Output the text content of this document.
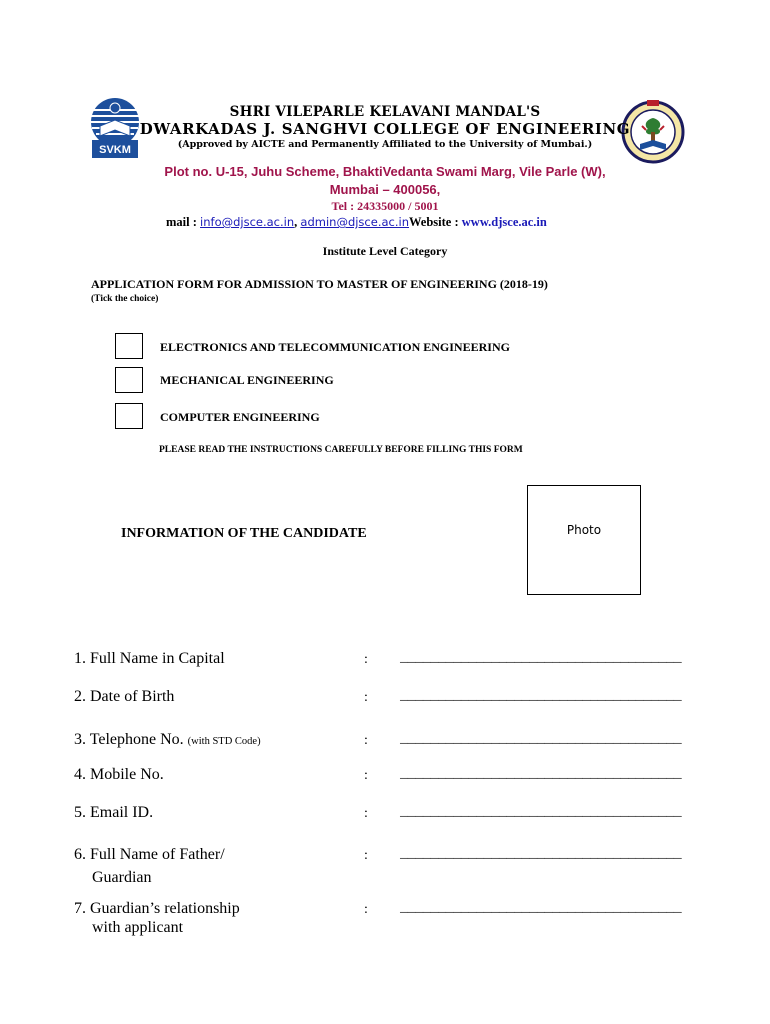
SVKM
SHRI VILEPARLE KELAVANI MANDAL'S
DWARKADAS J. SANGHVI COLLEGE OF ENGINEERING
(Approved by AICTE and Permanently Affiliated to the University of Mumbai.)
Plot no. U-15, Juhu Scheme, BhaktiVedanta Swami Marg, Vile Parle (W),
Mumbai – 400056,
Tel : 24335000 / 5001
mail : info@djsce.ac.in, admin@djsce.ac.inWebsite : www.djsce.ac.in
Institute Level Category
APPLICATION FORM FOR ADMISSION TO MASTER OF ENGINEERING (2018-19)
(Tick the choice)
ELECTRONICS AND TELECOMMUNICATION ENGINEERING
MECHANICAL ENGINEERING
COMPUTER ENGINEERING
PLEASE READ THE INSTRUCTIONS CAREFULLY BEFORE FILLING THIS FORM
Photo
INFORMATION OF THE CANDIDATE
1. Full Name in Capital	: _____________________________________
2. Date of Birth	: _____________________________________
3. Telephone No. (with STD Code)	: _____________________________________
4. Mobile No.	: _____________________________________
5. Email ID.	: _____________________________________
6. Full Name of Father/
Guardian
: _____________________________________
7. Guardian’s relationship
with applicant
: _____________________________________
